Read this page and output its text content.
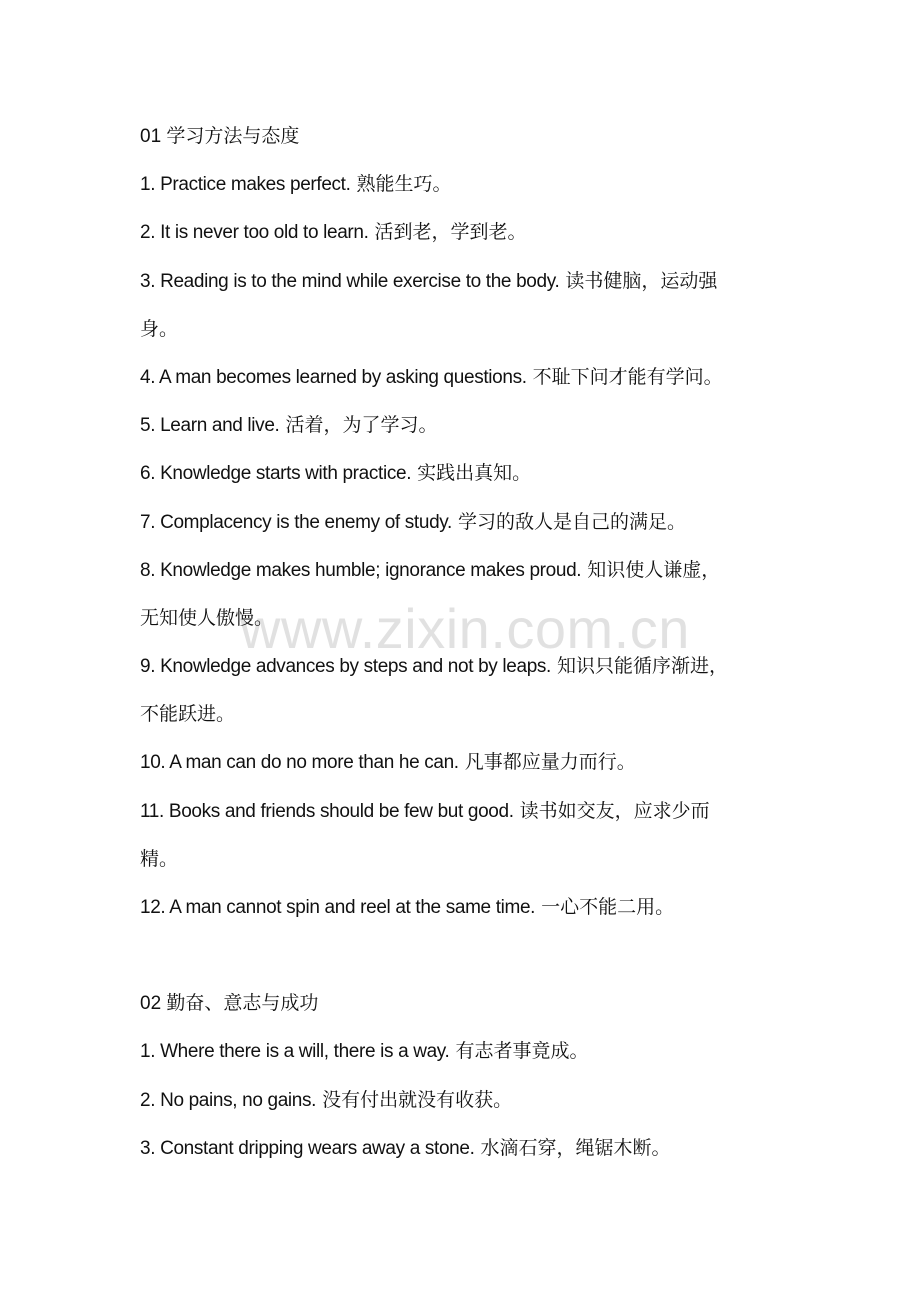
01 学习方法与态度
1. Practice makes perfect. 熟能生巧。
2. It is never too old to learn. 活到老，学到老。
3. Reading is to the mind while exercise to the body. 读书健脑，运动强
身。
4. A man becomes learned by asking questions. 不耻下问才能有学问。
5. Learn and live. 活着，为了学习。
6. Knowledge starts with practice. 实践出真知。
7. Complacency is the enemy of study. 学习的敌人是自己的满足。
8. Knowledge makes humble; ignorance makes proud. 知识使人谦虚，
无知使人傲慢。
9. Knowledge advances by steps and not by leaps. 知识只能循序渐进，
不能跃进。
10. A man can do no more than he can. 凡事都应量力而行。
11. Books and friends should be few but good. 读书如交友，应求少而
精。
12. A man cannot spin and reel at the same time. 一心不能二用。
02 勤奋、意志与成功
1. Where there is a will, there is a way. 有志者事竟成。
2. No pains, no gains. 没有付出就没有收获。
3. Constant dripping wears away a stone. 水滴石穿，绳锯木断。
www.zixin.com.cn
